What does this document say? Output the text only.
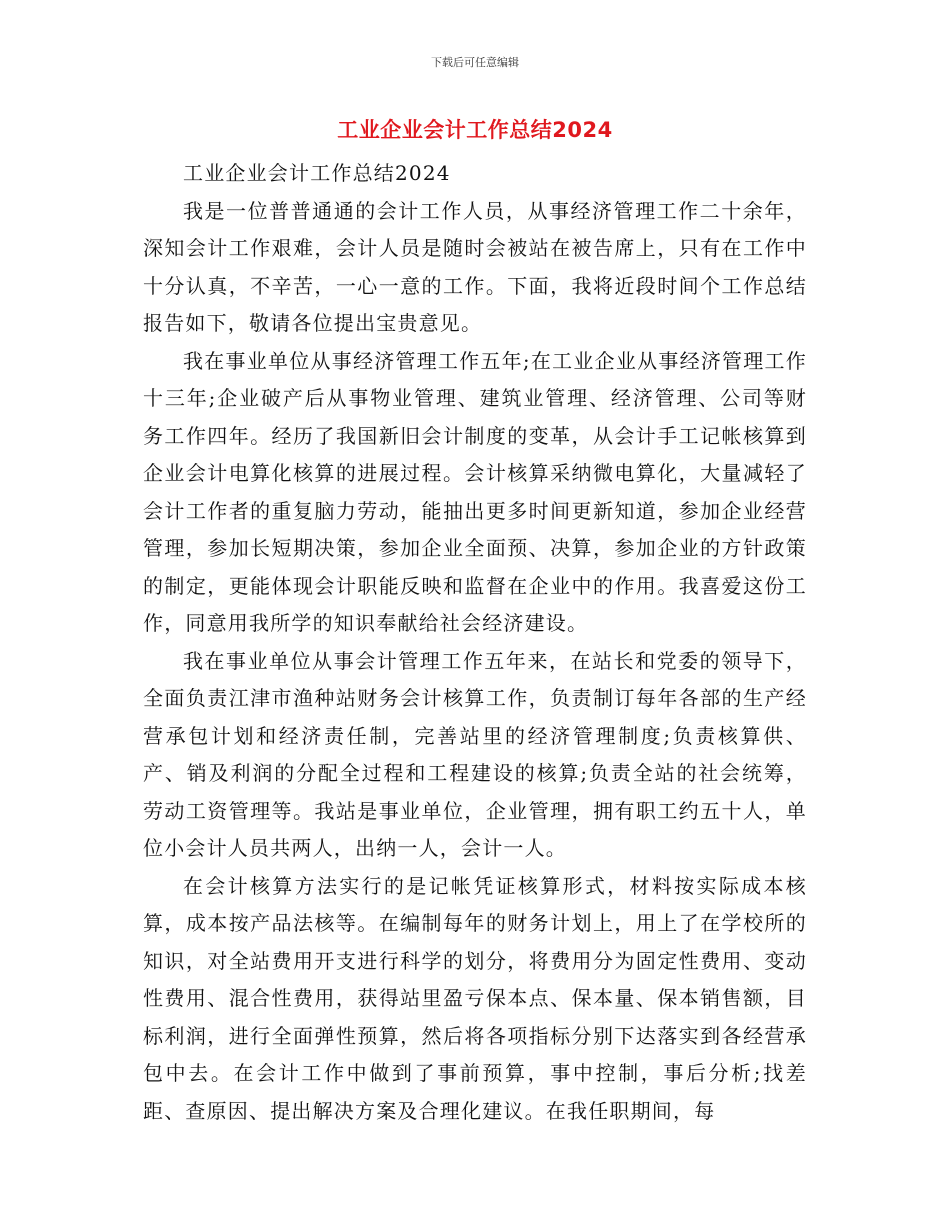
下载后可任意编辑
工业企业会计工作总结2024

工业企业会计工作总结2024

我是一位普普通通的会计工作人员，从事经济管理工作二十余年，深知会计工作艰难，会计人员是随时会被站在被告席上，只有在工作中十分认真，不辛苦，一心一意的工作。下面，我将近段时间个工作总结报告如下，敬请各位提出宝贵意见。

我在事业单位从事经济管理工作五年;在工业企业从事经济管理工作十三年;企业破产后从事物业管理、建筑业管理、经济管理、公司等财务工作四年。经历了我国新旧会计制度的变革，从会计手工记帐核算到企业会计电算化核算的进展过程。会计核算采纳微电算化，大量减轻了会计工作者的重复脑力劳动，能抽出更多时间更新知道，参加企业经营管理，参加长短期决策，参加企业全面预、决算，参加企业的方针政策的制定，更能体现会计职能反映和监督在企业中的作用。我喜爱这份工作，同意用我所学的知识奉献给社会经济建设。

我在事业单位从事会计管理工作五年来，在站长和党委的领导下，全面负责江津市渔种站财务会计核算工作，负责制订每年各部的生产经营承包计划和经济责任制，完善站里的经济管理制度;负责核算供、产、销及利润的分配全过程和工程建设的核算;负责全站的社会统筹，劳动工资管理等。我站是事业单位，企业管理，拥有职工约五十人，单位小会计人员共两人，出纳一人，会计一人。

在会计核算方法实行的是记帐凭证核算形式，材料按实际成本核算，成本按产品法核等。在编制每年的财务计划上，用上了在学校所的知识，对全站费用开支进行科学的划分，将费用分为固定性费用、变动性费用、混合性费用，获得站里盈亏保本点、保本量、保本销售额，目标利润，进行全面弹性预算，然后将各项指标分别下达落实到各经营承包中去。在会计工作中做到了事前预算，事中控制，事后分析;找差距、查原因、提出解决方案及合理化建议。在我任职期间，每
